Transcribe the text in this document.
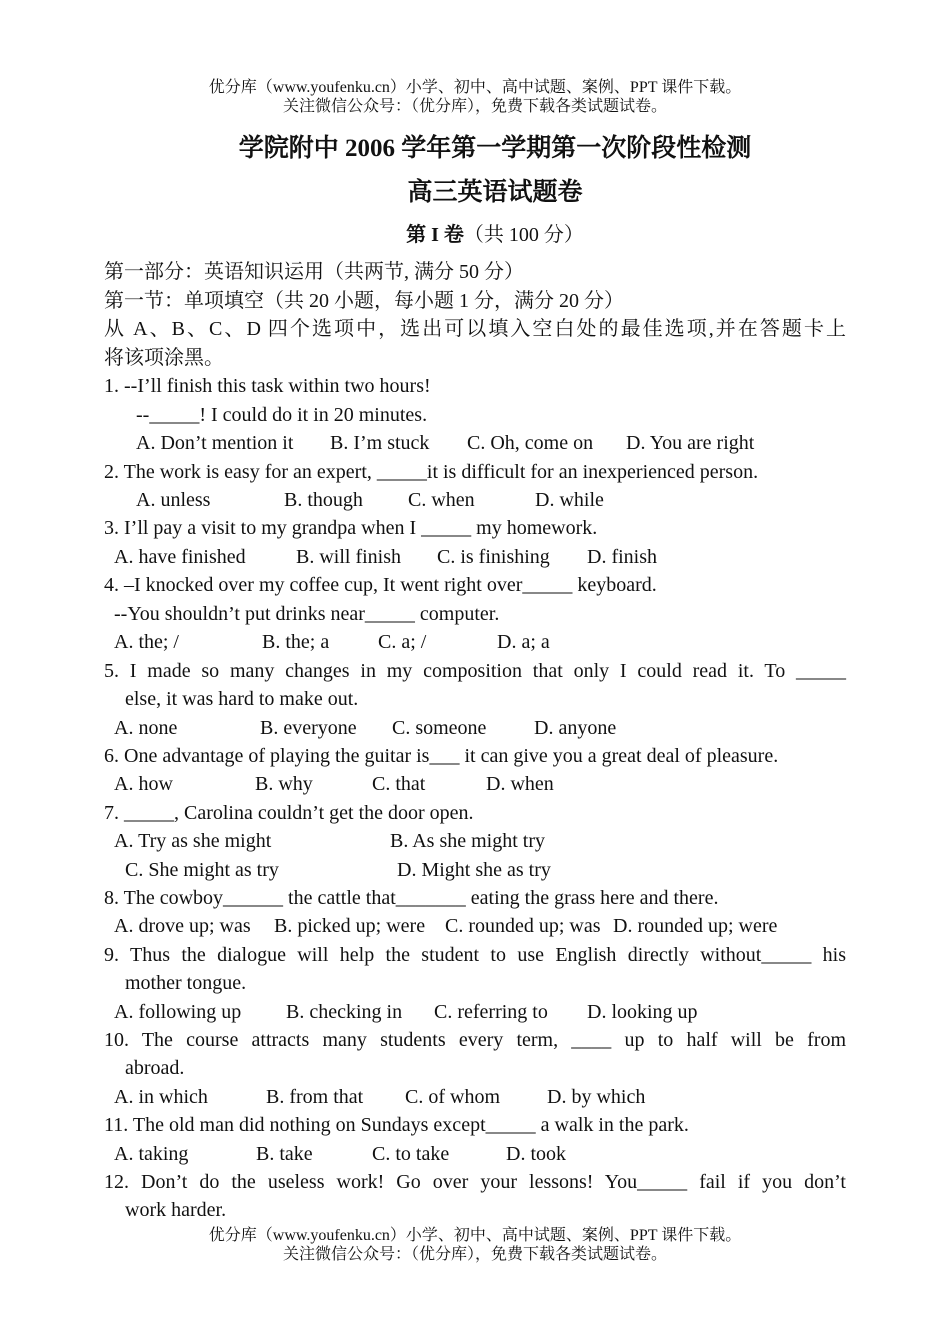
优分库（www.youfenku.cn）小学、初中、高中试题、案例、PPT 课件下载。
关注微信公众号：（优分库），免费下载各类试题试卷。
学院附中 2006 学年第一学期第一次阶段性检测
高三英语试题卷
第 I 卷（共 100 分）
第一部分：英语知识运用（共两节, 满分 50 分）
第一节：单项填空（共 20 小题，每小题 1 分，满分 20 分）
从 A、B、C、D 四个选项中，选出可以填入空白处的最佳选项,并在答题卡上
将该项涂黑。
1. --I’ll finish this task within two hours!
--_____! I could do it in 20 minutes.
A. Don’t mention it B. I’m stuck C. Oh, come on D. You are right
2. The work is easy for an expert, _____it is difficult for an inexperienced person.
A. unless	B. though C. when	D. while
3. I’ll pay a visit to my grandpa when I _____ my homework.
A. have finished	B. will finish C. is finishing D. finish
4. –I knocked over my coffee cup, It went right over_____ keyboard.
--You shouldn’t put drinks near_____ computer.
A. the; /	B. the; a C. a; /	D. a; a
5. I made so many changes in my composition that only I could read it. To _____
else, it was hard to make out.
A. none	B. everyone C. someone D. anyone
6. One advantage of playing the guitar is___ it can give you a great deal of pleasure.
A. how	B. why	C. that	D. when
7. _____, Carolina couldn’t get the door open.
A. Try as she might	B. As she might try
C. She might as try	D. Might she as try
8. The cowboy______ the cattle that_______ eating the grass here and there.
A. drove up; was B. picked up; were C. rounded up; was D. rounded up; were
9. Thus the dialogue will help the student to use English directly without_____ his
mother tongue.
A. following up B. checking in C. referring to D. looking up
10. The course attracts many students every term, ____ up to half will be from
abroad.
A. in which	B. from that C. of whom D. by which
11. The old man did nothing on Sundays except_____ a walk in the park.
A. taking	B. take	C. to take	D. took
12. Don’t do the useless work! Go over your lessons! You_____ fail if you don’t
work harder.
优分库（www.youfenku.cn）小学、初中、高中试题、案例、PPT 课件下载。
关注微信公众号：（优分库），免费下载各类试题试卷。
